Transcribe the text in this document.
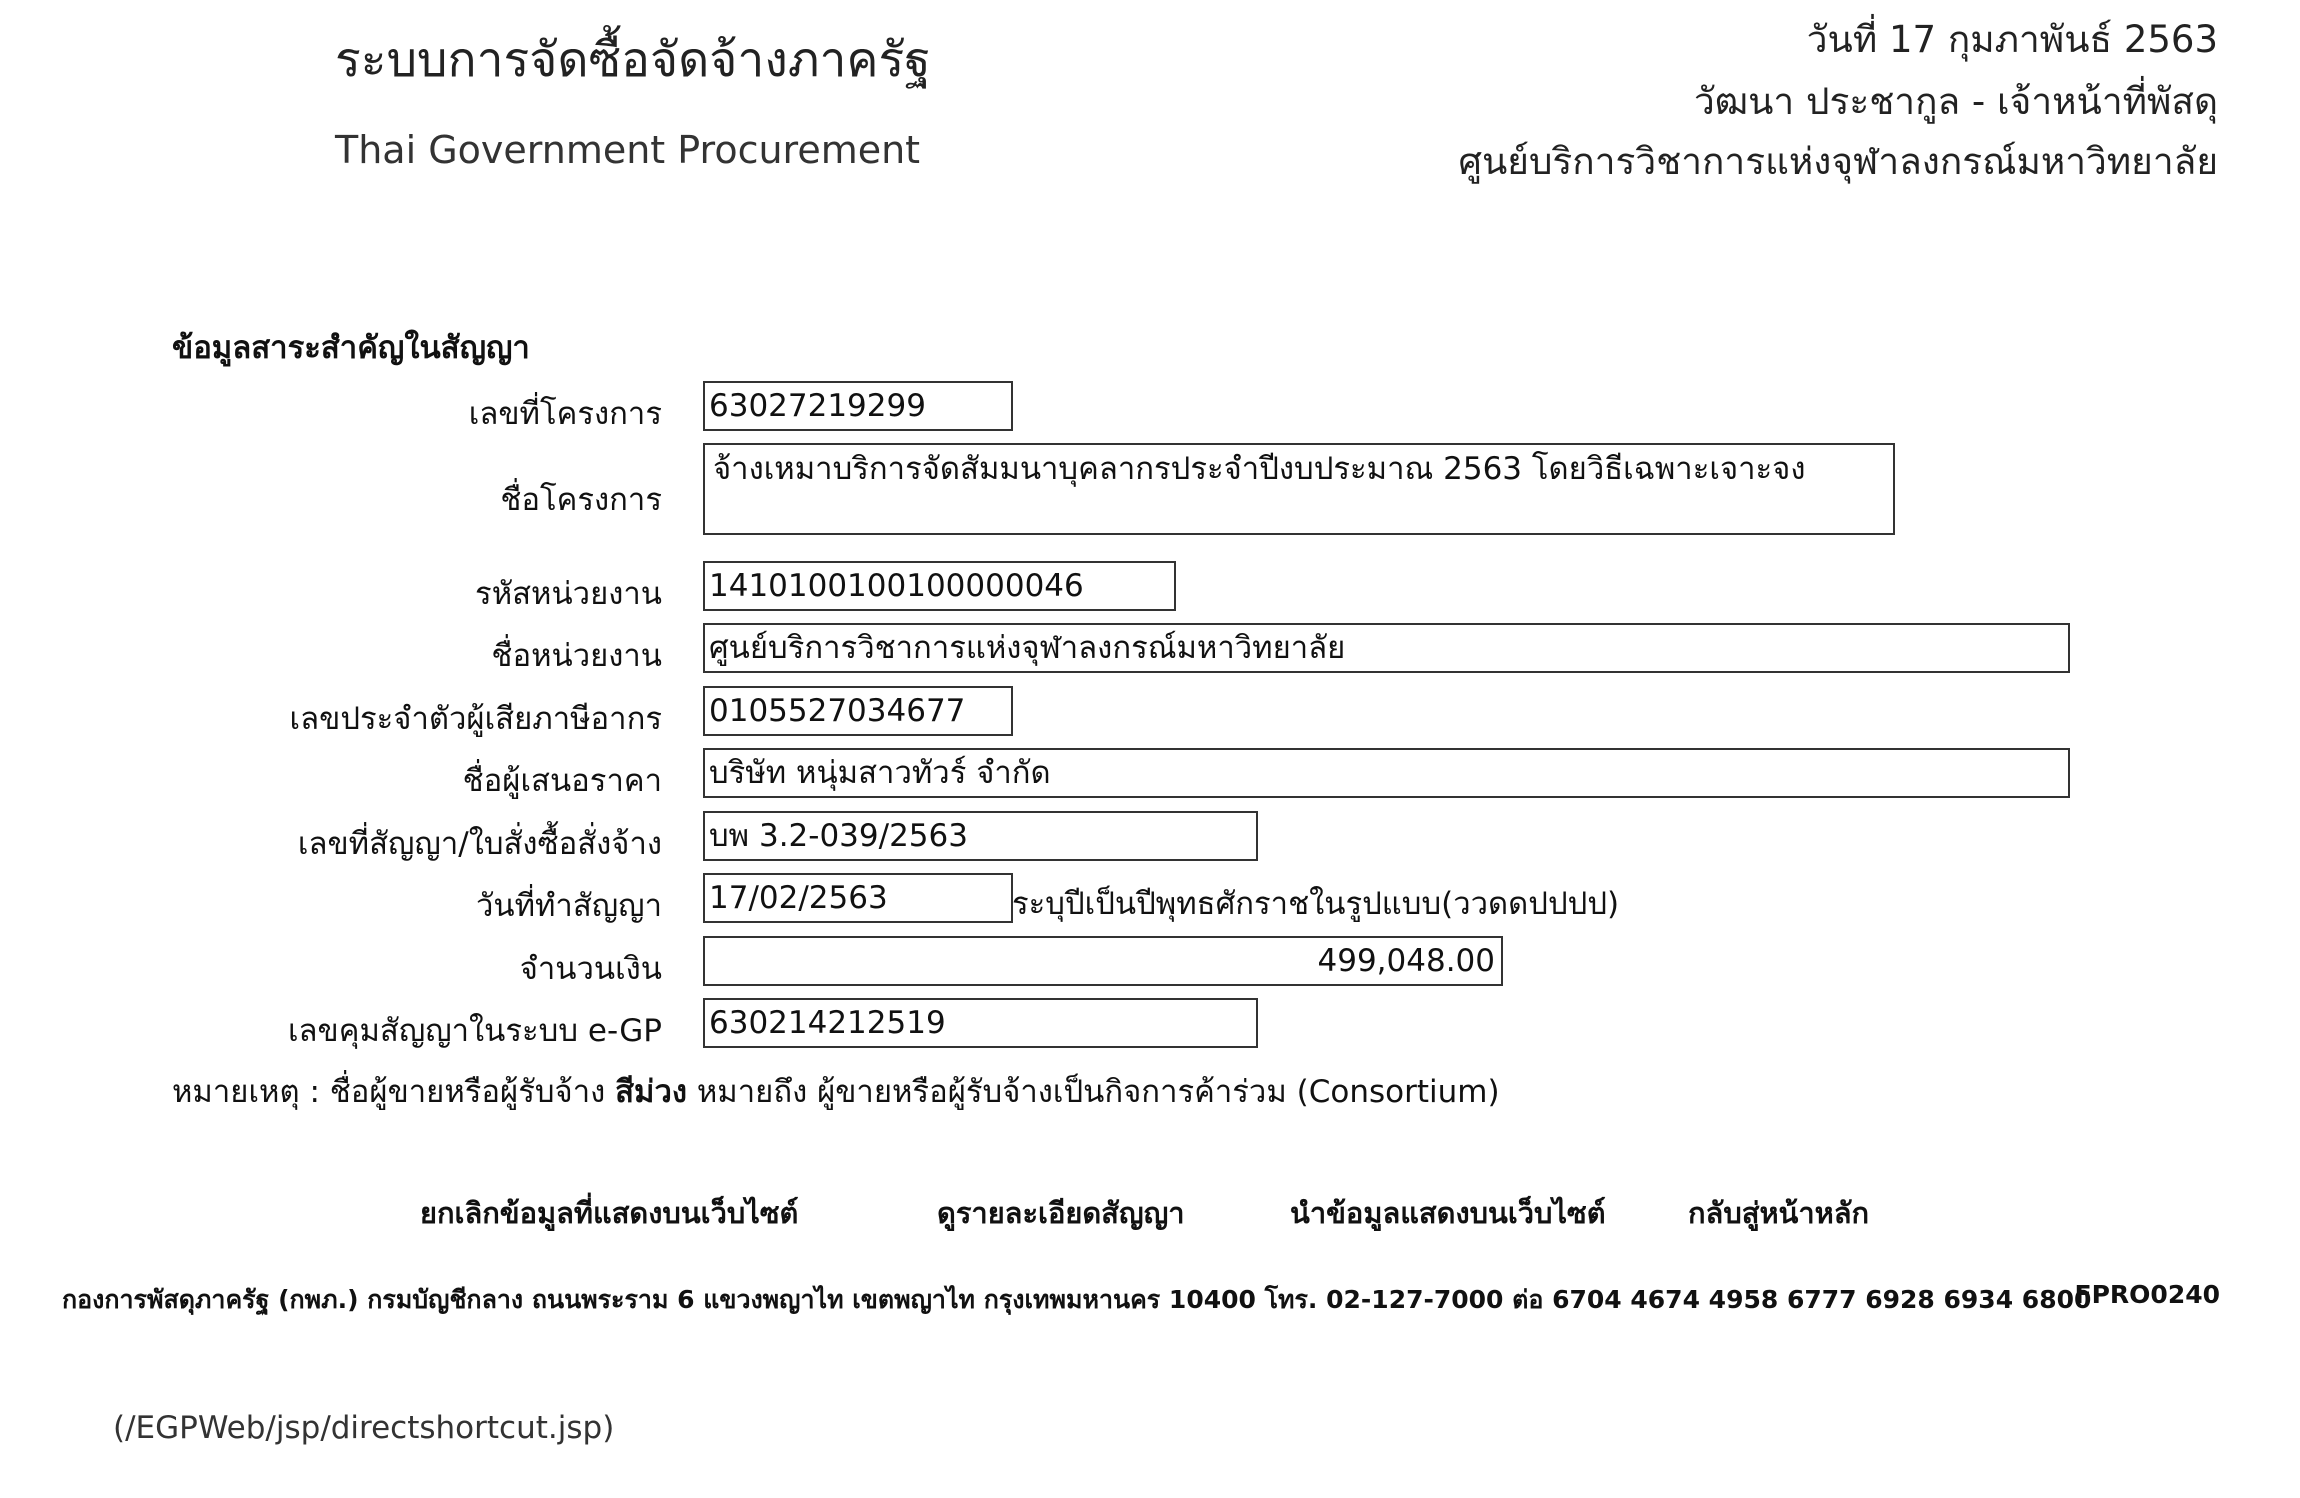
ระบบการจัดซื้อจัดจ้างภาครัฐ
Thai Government Procurement
วันที่ 17 กุมภาพันธ์ 2563
วัฒนา ประชากูล - เจ้าหน้าที่พัสดุ
ศูนย์บริการวิชาการแห่งจุฬาลงกรณ์มหาวิทยาลัย
ข้อมูลสาระสำคัญในสัญญา
เลขที่โครงการ 63027219299
ชื่อโครงการ
จ้างเหมาบริการจัดสัมมนาบุคลากรประจำปีงบประมาณ 2563 โดยวิธีเฉพาะเจาะจง
รหัสหน่วยงาน 1410100100100000046
ชื่อหน่วยงาน ศูนย์บริการวิชาการแห่งจุฬาลงกรณ์มหาวิทยาลัย
เลขประจำตัวผู้เสียภาษีอากร 0105527034677
ชื่อผู้เสนอราคา บริษัท หนุ่มสาวทัวร์ จำกัด
เลขที่สัญญา/ใบสั่งซื้อสั่งจ้าง บพ 3.2-039/2563
วันที่ทำสัญญา 17/02/2563	ระบุปีเป็นปีพุทธศักราชในรูปแบบ(ววดดปปปป)
จำนวนเงิน	499,048.00
เลขคุมสัญญาในระบบ e-GP 630214212519
หมายเหตุ : ชื่อผู้ขายหรือผู้รับจ้าง สีม่วง หมายถึง ผู้ขายหรือผู้รับจ้างเป็นกิจการค้าร่วม (Consortium)
ยกเลิกข้อมูลที่แสดงบนเว็บไซต์	ดูรายละเอียดสัญญา	นำข้อมูลแสดงบนเว็บไซต์	กลับสู่หน้าหลัก
กองการพัสดุภาครัฐ (กพภ.) กรมบัญชีกลาง ถนนพระราม 6 แขวงพญาไท เขตพญาไท กรุงเทพมหานคร 10400 โทร. 02-127-7000 ต่อ 6704 4674 4958 6777 6928 6934 6800
FPRO0240
(/EGPWeb/jsp/directshortcut.jsp)
